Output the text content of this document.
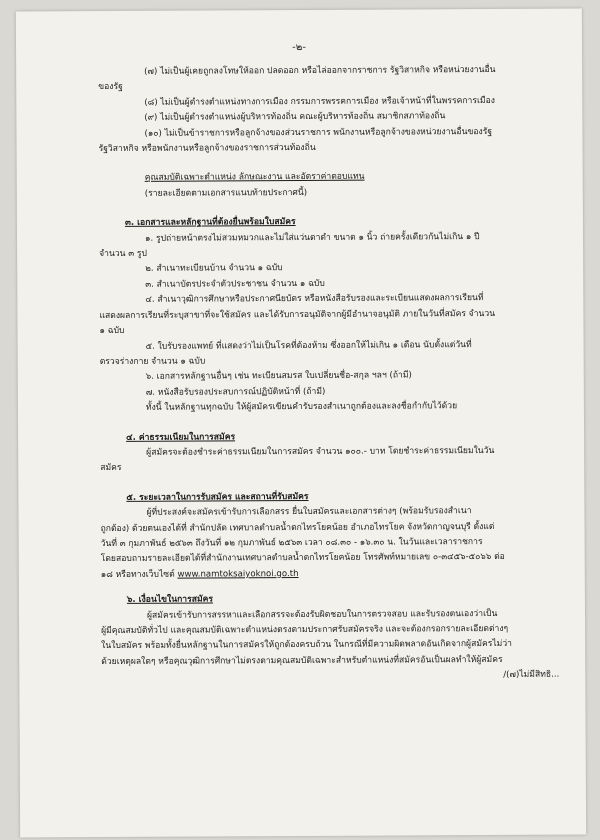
-๒-

(๗) ไม่เป็นผู้เคยถูกลงโทษให้ออก ปลดออก หรือไล่ออกจากราชการ รัฐวิสาหกิจ หรือหน่วยงานอื่น

ของรัฐ

(๘) ไม่เป็นผู้ดำรงตำแหน่งทางการเมือง กรรมการพรรคการเมือง หรือเจ้าหน้าที่ในพรรคการเมือง

(๙) ไม่เป็นผู้ดำรงตำแหน่งผู้บริหารท้องถิ่น คณะผู้บริหารท้องถิ่น สมาชิกสภาท้องถิ่น

(๑๐) ไม่เป็นข้าราชการหรือลูกจ้างของส่วนราชการ พนักงานหรือลูกจ้างของหน่วยงานอื่นของรัฐ

รัฐวิสาหกิจ หรือพนักงานหรือลูกจ้างของราชการส่วนท้องถิ่น

คุณสมบัติเฉพาะตำแหน่ง ลักษณะงาน และอัตราค่าตอบแทน

(รายละเอียดตามเอกสารแนบท้ายประกาศนี้)

๓. เอกสารและหลักฐานที่ต้องยื่นพร้อมใบสมัคร

๑. รูปถ่ายหน้าตรงไม่สวมหมวกและไม่ใส่แว่นตาดำ ขนาด ๑ นิ้ว ถ่ายครั้งเดียวกันไม่เกิน ๑ ปี

จำนวน ๓ รูป

๒. สำเนาทะเบียนบ้าน จำนวน ๑ ฉบับ

๓. สำเนาบัตรประจำตัวประชาชน จำนวน ๑ ฉบับ

๔. สำเนาวุฒิการศึกษาหรือประกาศนียบัตร หรือหนังสือรับรองและระเบียนแสดงผลการเรียนที่

แสดงผลการเรียนที่ระบุสาขาที่จะใช้สมัคร และได้รับการอนุมัติจากผู้มีอำนาจอนุมัติ ภายในวันที่สมัคร จำนวน

๑ ฉบับ

๕. ใบรับรองแพทย์ ที่แสดงว่าไม่เป็นโรคที่ต้องห้าม ซึ่งออกให้ไม่เกิน ๑ เดือน นับตั้งแต่วันที่

ตรวจร่างกาย จำนวน ๑ ฉบับ

๖. เอกสารหลักฐานอื่นๆ เช่น ทะเบียนสมรส ใบเปลี่ยนชื่อ-สกุล ฯลฯ (ถ้ามี)

๗. หนังสือรับรองประสบการณ์ปฏิบัติหน้าที่ (ถ้ามี)

ทั้งนี้ ในหลักฐานทุกฉบับ ให้ผู้สมัครเขียนคำรับรองสำเนาถูกต้องและลงชื่อกำกับไว้ด้วย

๔. ค่าธรรมเนียมในการสมัคร

ผู้สมัครจะต้องชำระค่าธรรมเนียมในการสมัคร จำนวน ๑๐๐.- บาท โดยชำระค่าธรรมเนียมในวัน

สมัคร

๕. ระยะเวลาในการรับสมัคร และสถานที่รับสมัคร

ผู้ที่ประสงค์จะสมัครเข้ารับการเลือกสรร ยื่นใบสมัครและเอกสารต่างๆ (พร้อมรับรองสำเนา

ถูกต้อง) ด้วยตนเองได้ที่ สำนักปลัด เทศบาลตำบลน้ำตกไทรโยคน้อย อำเภอไทรโยค จังหวัดกาญจนบุรี ตั้งแต่

วันที่ ๓ กุมภาพันธ์ ๒๕๖๓ ถึงวันที่ ๑๒ กุมภาพันธ์ ๒๕๖๓ เวลา ๐๘.๓๐ - ๑๖.๓๐ น. ในวันและเวลาราชการ

โดยสอบถามรายละเอียดได้ที่สำนักงานเทศบาลตำบลน้ำตกไทรโยคน้อย โทรศัพท์หมายเลข ๐-๓๔๕๖-๕๐๖๖ ต่อ

๑๘ หรือทางเว็บไซต์ www.namtoksaiyoknoi.go.th

๖. เงื่อนไขในการสมัคร

ผู้สมัครเข้ารับการสรรหาและเลือกสรรจะต้องรับผิดชอบในการตรวจสอบ และรับรองตนเองว่าเป็น

ผู้มีคุณสมบัติทั่วไป และคุณสมบัติเฉพาะตำแหน่งตรงตามประกาศรับสมัครจริง และจะต้องกรอกรายละเอียดต่างๆ

ในใบสมัคร พร้อมทั้งยื่นหลักฐานในการสมัครให้ถูกต้องครบถ้วน ในกรณีที่มีความผิดพลาดอันเกิดจากผู้สมัครไม่ว่า

ด้วยเหตุผลใดๆ หรือคุณวุฒิการศึกษาไม่ตรงตามคุณสมบัติเฉพาะสำหรับตำแหน่งที่สมัครอันเป็นผลทำให้ผู้สมัคร

/(๗)ไม่มีสิทธิ...
